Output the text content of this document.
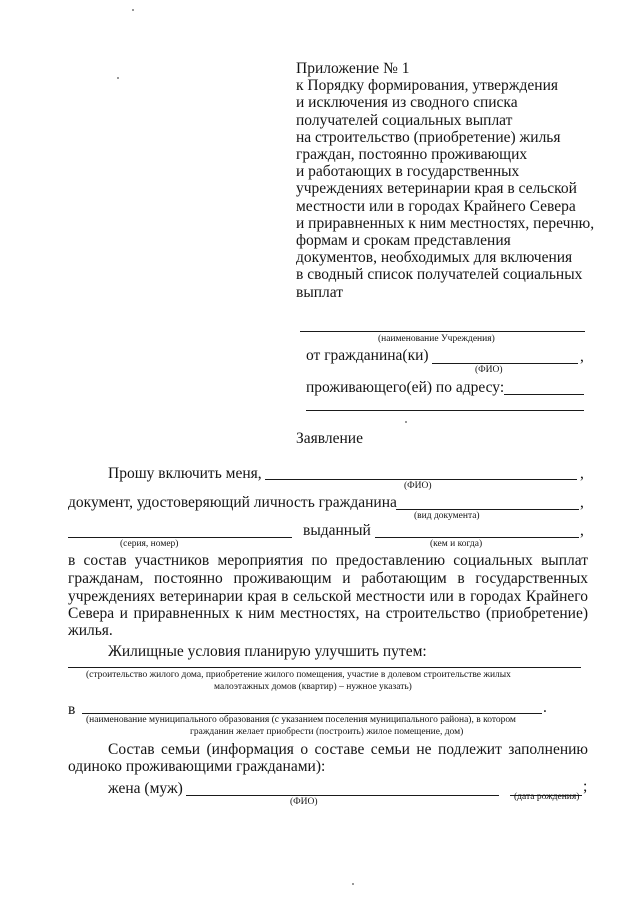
Приложение № 1
к Порядку формирования, утверждения
и исключения из сводного списка
получателей социальных выплат
на строительство (приобретение) жилья
граждан, постоянно проживающих
и работающих в государственных
учреждениях ветеринарии края в сельской
местности или в городах Крайнего Севера
и приравненных к ним местностях, перечню,
формам и срокам представления
документов, необходимых для включения
в сводный список получателей социальных
выплат
(наименование Учреждения)
от гражданина(ки)	,
(ФИО)
проживающего(ей) по адресу:
Заявление
Прошу включить меня,	,
(ФИО)
документ, удостоверяющий личность гражданина	,
(вид документа)
выданный	,
(серия, номер)	(кем и когда)
в состав участников мероприятия по предоставлению социальных выплат
гражданам, постоянно проживающим и работающим в государственных
учреждениях ветеринарии края в сельской местности или в городах Крайнего
Севера и приравненных к ним местностях, на строительство (приобретение)
жилья.
Жилищные условия планирую улучшить путем:
(строительство жилого дома, приобретение жилого помещения, участие в долевом строительстве жилых
малоэтажных домов (квартир) – нужное указать)
в	.
(наименование муниципального образования (с указанием поселения муниципального района), в котором
гражданин желает приобрести (построить) жилое помещение, дом)
Состав семьи (информация о составе семьи не подлежит заполнению
одиноко проживающими гражданами):
жена (муж)	;
(ФИО)	(дата рождения)
